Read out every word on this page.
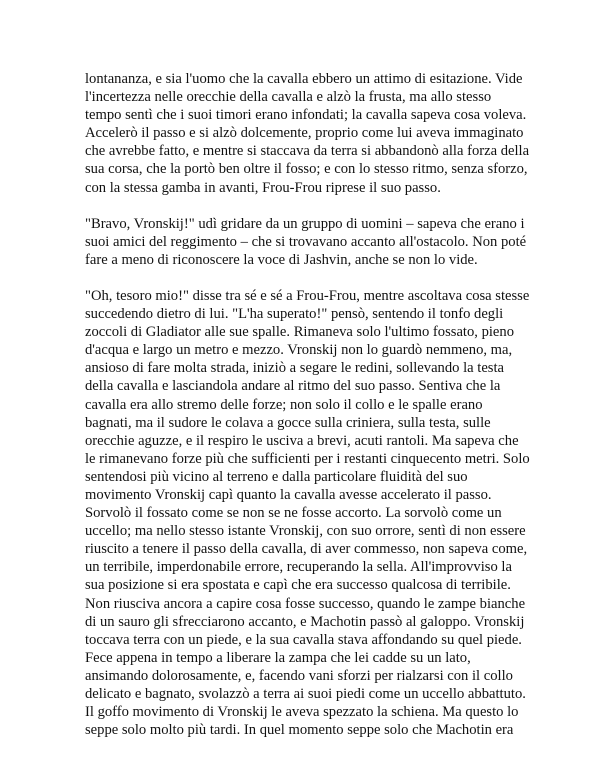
lontananza, e sia l'uomo che la cavalla ebbero un attimo di esitazione. Vide
l'incertezza nelle orecchie della cavalla e alzò la frusta, ma allo stesso
tempo sentì che i suoi timori erano infondati; la cavalla sapeva cosa voleva.
Accelerò il passo e si alzò dolcemente, proprio come lui aveva immaginato
che avrebbe fatto, e mentre si staccava da terra si abbandonò alla forza della
sua corsa, che la portò ben oltre il fosso; e con lo stesso ritmo, senza sforzo,
con la stessa gamba in avanti, Frou-Frou riprese il suo passo.

"Bravo, Vronskij!" udì gridare da un gruppo di uomini – sapeva che erano i
suoi amici del reggimento – che si trovavano accanto all'ostacolo. Non poté
fare a meno di riconoscere la voce di Jashvin, anche se non lo vide.

"Oh, tesoro mio!" disse tra sé e sé a Frou-Frou, mentre ascoltava cosa stesse
succedendo dietro di lui. "L'ha superato!" pensò, sentendo il tonfo degli
zoccoli di Gladiator alle sue spalle. Rimaneva solo l'ultimo fossato, pieno
d'acqua e largo un metro e mezzo. Vronskij non lo guardò nemmeno, ma,
ansioso di fare molta strada, iniziò a segare le redini, sollevando la testa
della cavalla e lasciandola andare al ritmo del suo passo. Sentiva che la
cavalla era allo stremo delle forze; non solo il collo e le spalle erano
bagnati, ma il sudore le colava a gocce sulla criniera, sulla testa, sulle
orecchie aguzze, e il respiro le usciva a brevi, acuti rantoli. Ma sapeva che
le rimanevano forze più che sufficienti per i restanti cinquecento metri. Solo
sentendosi più vicino al terreno e dalla particolare fluidità del suo
movimento Vronskij capì quanto la cavalla avesse accelerato il passo.
Sorvolò il fossato come se non se ne fosse accorto. La sorvolò come un
uccello; ma nello stesso istante Vronskij, con suo orrore, sentì di non essere
riuscito a tenere il passo della cavalla, di aver commesso, non sapeva come,
un terribile, imperdonabile errore, recuperando la sella. All'improvviso la
sua posizione si era spostata e capì che era successo qualcosa di terribile.
Non riusciva ancora a capire cosa fosse successo, quando le zampe bianche
di un sauro gli sfrecciarono accanto, e Machotin passò al galoppo. Vronskij
toccava terra con un piede, e la sua cavalla stava affondando su quel piede.
Fece appena in tempo a liberare la zampa che lei cadde su un lato,
ansimando dolorosamente, e, facendo vani sforzi per rialzarsi con il collo
delicato e bagnato, svolazzò a terra ai suoi piedi come un uccello abbattuto.
Il goffo movimento di Vronskij le aveva spezzato la schiena. Ma questo lo
seppe solo molto più tardi. In quel momento seppe solo che Machotin era
